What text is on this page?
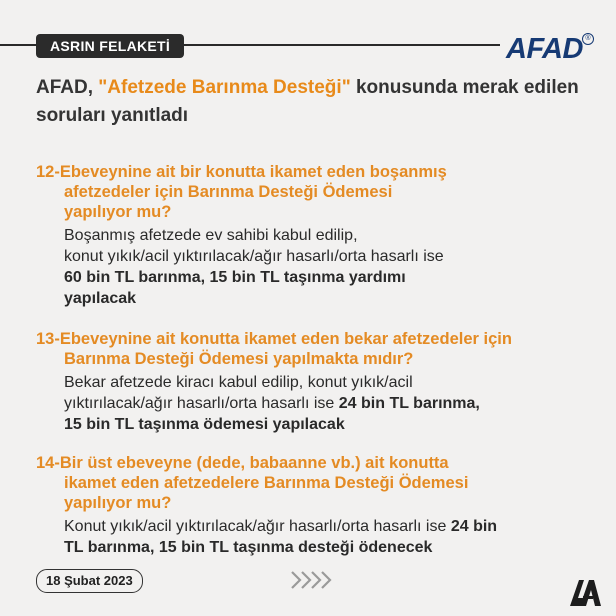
ASRIN FELAKETİ	AFAD ®
AFAD, "Afetzede Barınma Desteği" konusunda merak edilen
soruları yanıtladı

12-Ebeveynine ait bir konutta ikamet eden boşanmış
afetzedeler için Barınma Desteği Ödemesi
yapılıyor mu?

Boşanmış afetzede ev sahibi kabul edilip,
konut yıkık/acil yıktırılacak/ağır hasarlı/orta hasarlı ise
60 bin TL barınma, 15 bin TL taşınma yardımı
yapılacak

13-Ebeveynine ait konutta ikamet eden bekar afetzedeler için
Barınma Desteği Ödemesi yapılmakta mıdır?

Bekar afetzede kiracı kabul edilip, konut yıkık/acil
yıktırılacak/ağır hasarlı/orta hasarlı ise 24 bin TL barınma,
15 bin TL taşınma ödemesi yapılacak

14-Bir üst ebeveyne (dede, babaanne vb.) ait konutta
ikamet eden afetzedelere Barınma Desteği Ödemesi
yapılıyor mu?

Konut yıkık/acil yıktırılacak/ağır hasarlı/orta hasarlı ise 24 bin
TL barınma, 15 bin TL taşınma desteği ödenecek

18 Şubat 2023
